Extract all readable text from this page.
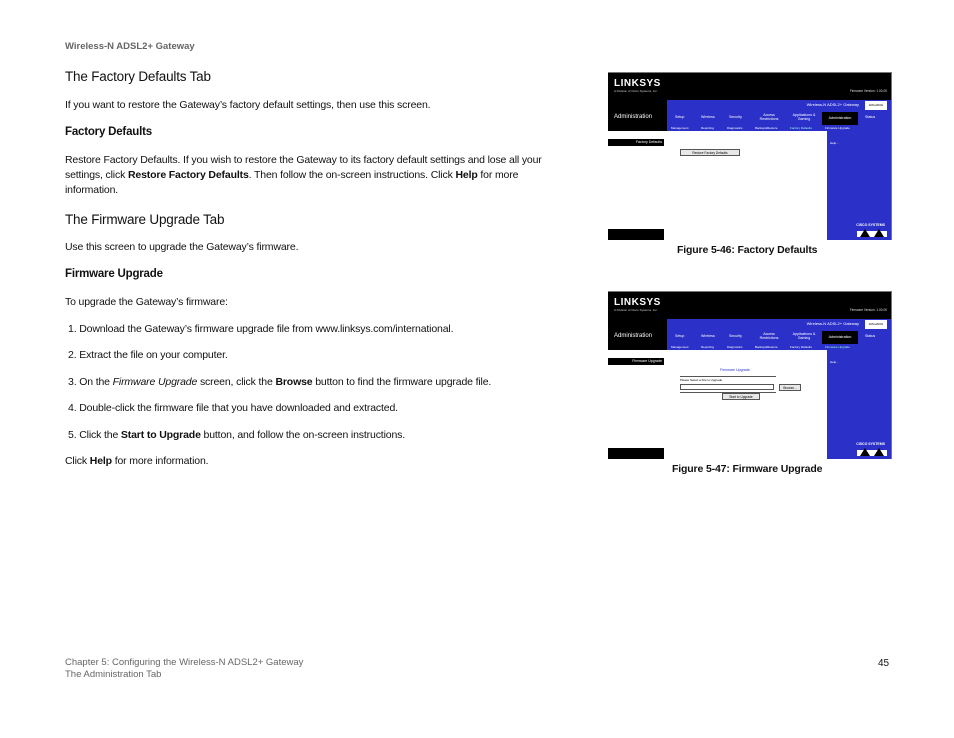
Wireless-N ADSL2+ Gateway
The Factory Defaults Tab
If you want to restore the Gateway’s factory default settings, then use this screen.
Factory Defaults
Restore Factory Defaults. If you wish to restore the Gateway to its factory default settings and lose all your
settings, click Restore Factory Defaults. Then follow the on-screen instructions. Click Help for more
information.
The Firmware Upgrade Tab
Use this screen to upgrade the Gateway’s firmware.
Firmware Upgrade
To upgrade the Gateway’s firmware:
1. Download the Gateway’s firmware upgrade file from www.linksys.com/international.
2. Extract the file on your computer.
3. On the Firmware Upgrade screen, click the Browse button to find the firmware upgrade file.
4. Double-click the firmware file that you have downloaded and extracted.
5. Click the Start to Upgrade button, and follow the on-screen instructions.
Click Help for more information.
LINKSYS
A Division of Cisco Systems, Inc.	Firmware Version: 1.00.00
Administration
Wireless-N ADSL2+ Gateway	WAG200G
Setup	Wireless	Security	Access Restrictions
Applications & Gaming	Administration	Status
Management	Reporting	Diagnostics	Backup&Restore	Factory Defaults	Firmware Upgrade
Factory Defaults
Restore Factory Defaults
Help...
CISCO SYSTEMS
Figure 5-46: Factory Defaults
LINKSYS
A Division of Cisco Systems, Inc.	Firmware Version: 1.00.00
Administration
Wireless-N ADSL2+ Gateway	WAG200G
Setup	Wireless	Security	Access Restrictions
Applications & Gaming	Administration	Status
Management	Reporting	Diagnostics	Backup&Restore	Factory Defaults	Firmware Upgrade
Firmware Upgrade
Firmware Upgrade
Please Select a File to Upgrade
Browse...
Start to Upgrade
Help...
CISCO SYSTEMS
Figure 5-47: Firmware Upgrade
Chapter 5: Configuring the Wireless-N ADSL2+ Gateway
The Administration Tab
45
